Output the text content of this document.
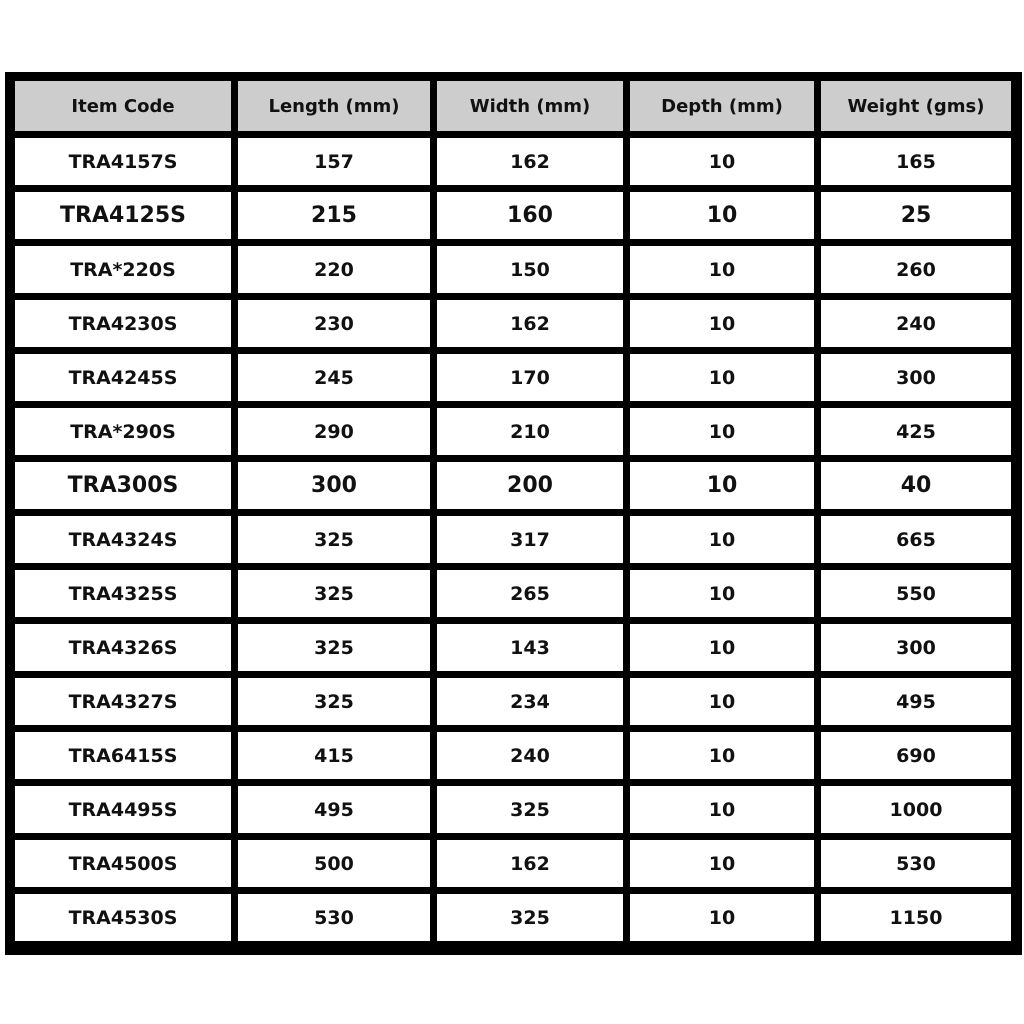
Item Code	Length (mm)	Width (mm)	Depth (mm)	Weight (gms)
TRA4157S	157	162	10	165
TRA4125S	215	160	10	25
TRA*220S	220	150	10	260
TRA4230S	230	162	10	240
TRA4245S	245	170	10	300
TRA*290S	290	210	10	425
TRA300S	300	200	10	40
TRA4324S	325	317	10	665
TRA4325S	325	265	10	550
TRA4326S	325	143	10	300
TRA4327S	325	234	10	495
TRA6415S	415	240	10	690
TRA4495S	495	325	10	1000
TRA4500S	500	162	10	530
TRA4530S	530	325	10	1150
